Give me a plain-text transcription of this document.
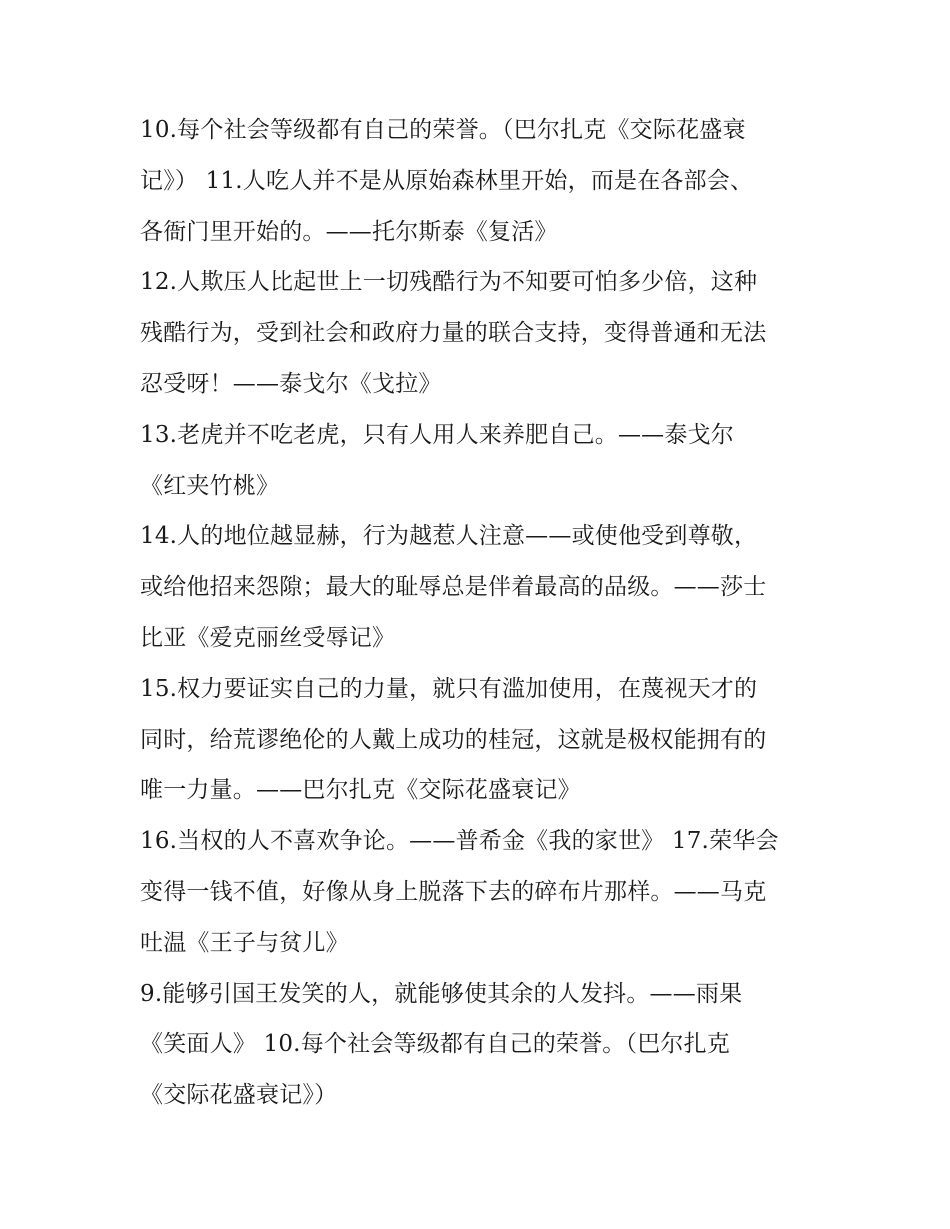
10.每个社会等级都有自己的荣誉。（巴尔扎克《交际花盛衰
记》） 11.人吃人并不是从原始森林里开始，而是在各部会、
各衙门里开始的。——托尔斯泰《复活》
12.人欺压人比起世上一切残酷行为不知要可怕多少倍，这种
残酷行为，受到社会和政府力量的联合支持，变得普通和无法
忍受呀！——泰戈尔《戈拉》
13.老虎并不吃老虎，只有人用人来养肥自己。——泰戈尔
《红夹竹桃》
14.人的地位越显赫，行为越惹人注意——或使他受到尊敬，
或给他招来怨隙；最大的耻辱总是伴着最高的品级。——莎士
比亚《爱克丽丝受辱记》
15.权力要证实自己的力量，就只有滥加使用，在蔑视天才的
同时，给荒谬绝伦的人戴上成功的桂冠，这就是极权能拥有的
唯一力量。——巴尔扎克《交际花盛衰记》
16.当权的人不喜欢争论。——普希金《我的家世》 17.荣华会
变得一钱不值，好像从身上脱落下去的碎布片那样。——马克
吐温《王子与贫儿》
9.能够引国王发笑的人，就能够使其余的人发抖。——雨果
《笑面人》 10.每个社会等级都有自己的荣誉。（巴尔扎克
《交际花盛衰记》）
